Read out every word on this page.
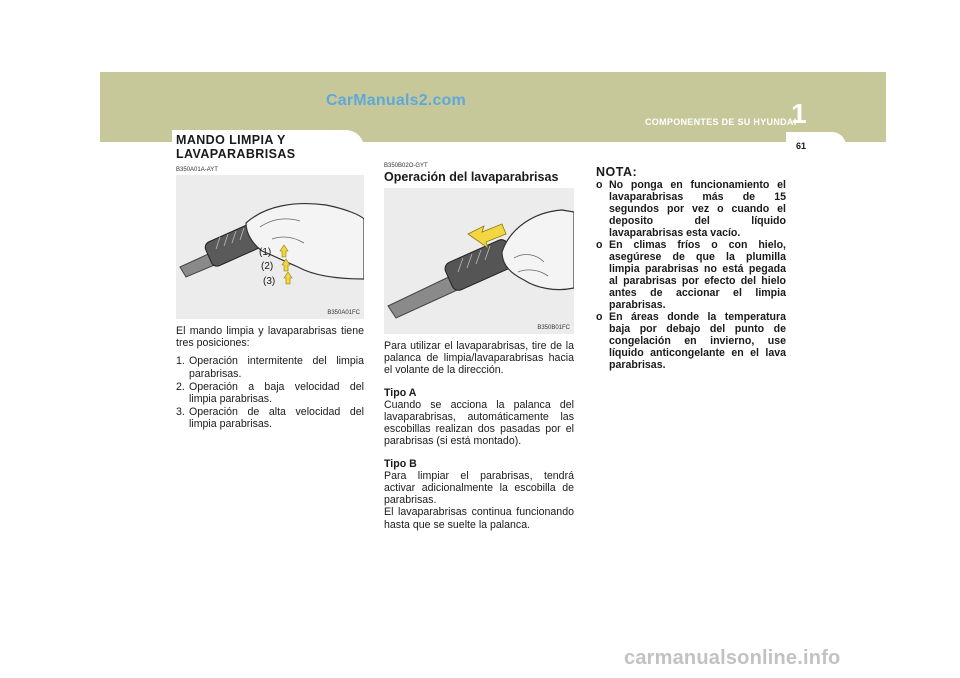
CarManuals2.com
COMPONENTES DE SU HYUNDAI
1
61
MANDO LIMPIA Y
LAVAPARABRISAS
B350A01A-AYT
(1)
(2)
(3)
B350A01FC

El mando limpia y lavaparabrisas tiene tres posiciones:

1. Operación intermitente del limpia parabrisas.
2. Operación a baja velocidad del limpia parabrisas.
3. Operación de alta velocidad del limpia parabrisas.
B350B02O-GYT
Operación del lavaparabrisas
B350B01FC

Para utilizar el lavaparabrisas, tire de la palanca de limpia/lavaparabrisas hacia el volante de la dirección.

Tipo A
Cuando se acciona la palanca del lavaparabrisas, automáticamente las escobillas realizan dos pasadas por el parabrisas (si está montado).

Tipo B
Para limpiar el parabrisas, tendrá activar adicionalmente la escobilla de parabrisas.
El lavaparabrisas continua funcionando hasta que se suelte la palanca.

NOTA:
o No ponga en funcionamiento el lavaparabrisas más de 15 segundos por vez o cuando el deposito del líquido lavaparabrisas esta vacío.
o En climas fríos o con hielo, asegúrese de que la plumilla limpia parabrisas no está pegada al parabrisas por efecto del hielo antes de accionar el limpia parabrisas.
o En áreas donde la temperatura baja por debajo del punto de congelación en invierno, use líquido anticongelante en el lava parabrisas.
carmanualsonline.info
